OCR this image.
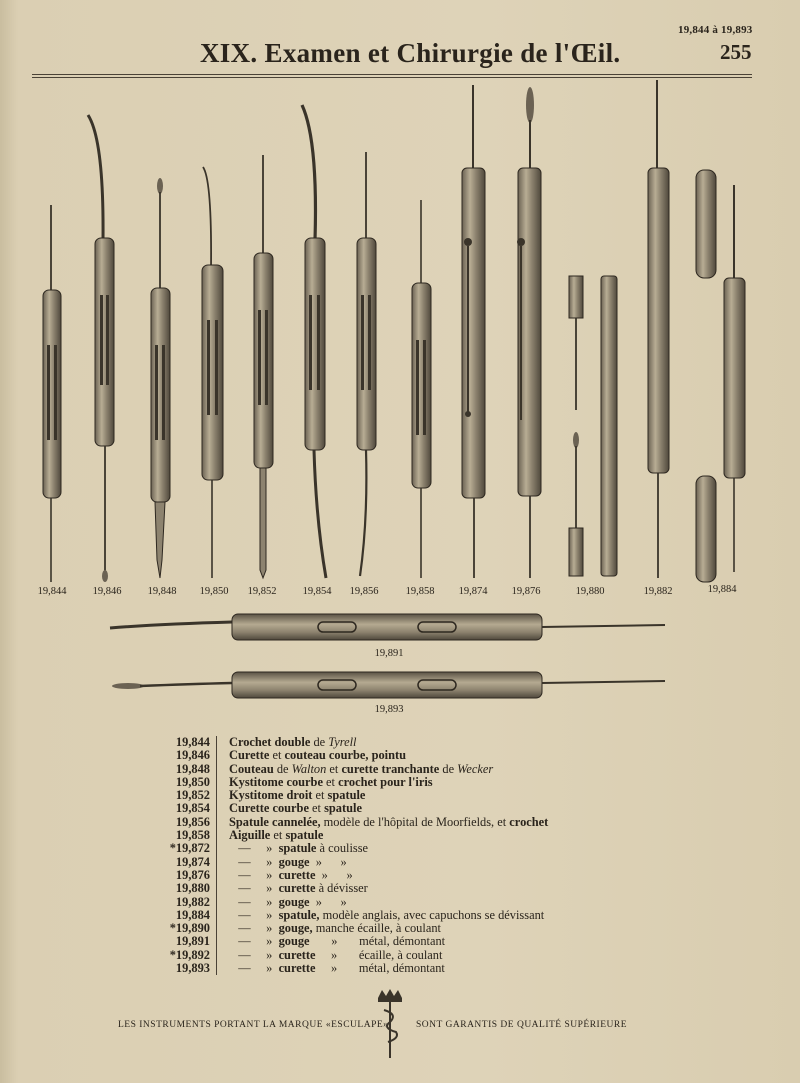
19,844 à 19,893
XIX. Examen et Chirurgie de l'Œil.	255
19,844	19,846	19,848	19,850	19,852	19,854	19,856	19,858	19,874	19,876	19,880	19,882	19,884
19,891
19,893
19,844	Crochet double de Tyrell
19,846	Curette et couteau courbe, pointu
19,848	Couteau de Walton et curette tranchante de Wecker
19,850	Kystitome courbe et crochet pour l'iris
19,852	Kystitome droit et spatule
19,854	Curette courbe et spatule
19,856	Spatule cannelée, modèle de l'hôpital de Moorfields, et crochet
19,858	Aiguille et spatule
*19,872	—     »  spatule à coulisse
19,874	—     »  gouge  »      »
19,876	—     »  curette  »      »
19,880	—     »  curette à dévisser
19,882	—     »  gouge  »      »
19,884	—     »  spatule, modèle anglais, avec capuchons se dévissant
*19,890	—     »  gouge, manche écaille, à coulant
19,891	—     »  gouge       »       métal, démontant
*19,892	—     »  curette     »       écaille, à coulant
19,893	—     »  curette     »       métal, démontant
LES INSTRUMENTS PORTANT LA MARQUE «ESCULAPE»	SONT GARANTIS DE QUALITÉ SUPÉRIEURE
